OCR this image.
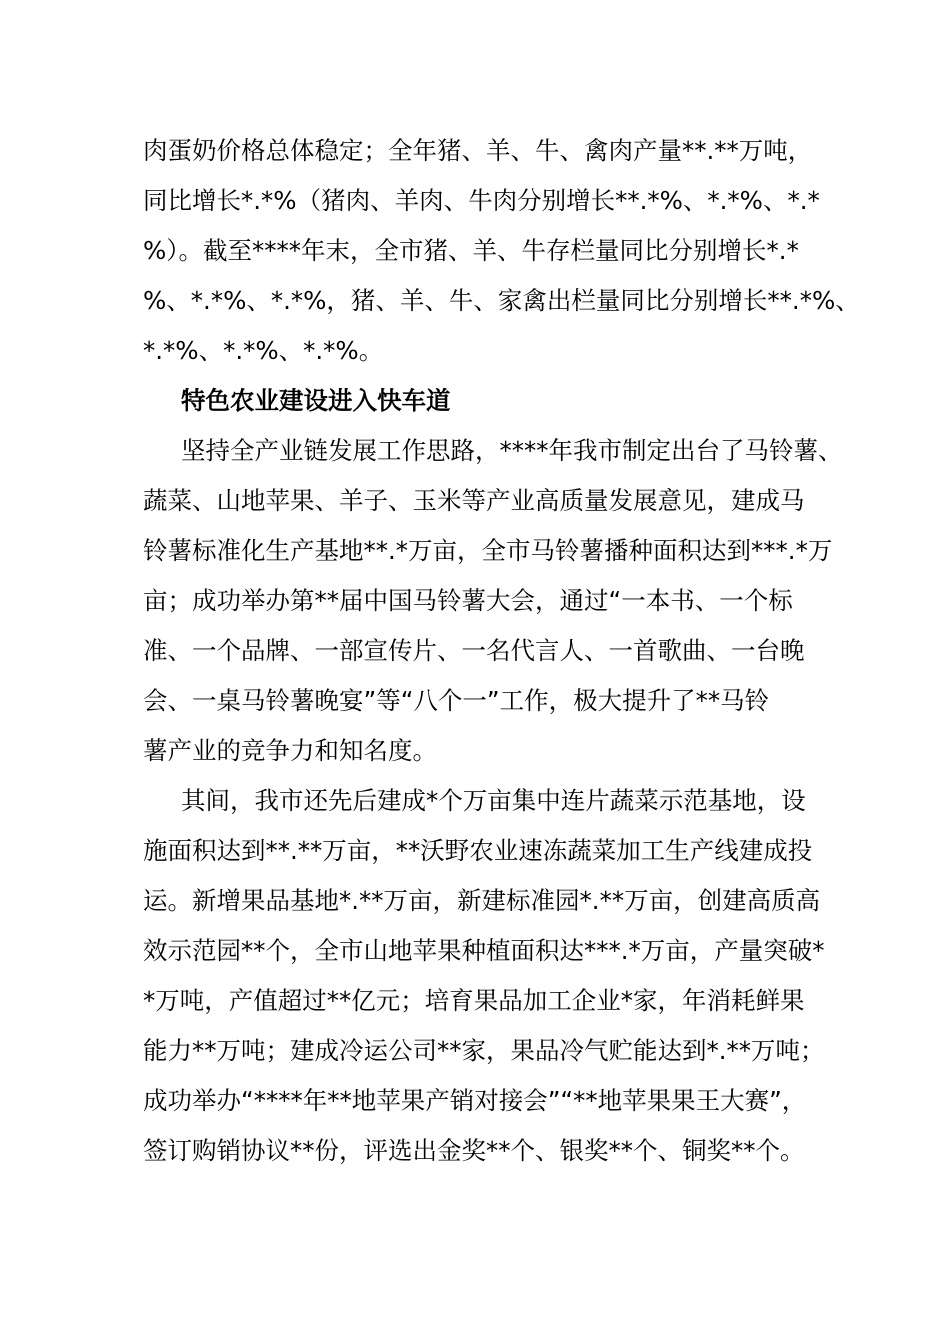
肉蛋奶价格总体稳定；全年猪、羊、牛、禽肉产量**.**万吨，
同比增长*.*%（猪肉、羊肉、牛肉分别增长**.*%、*.*%、*.*
%）。截至****年末，全市猪、羊、牛存栏量同比分别增长*.*
%、*.*%、*.*%，猪、羊、牛、家禽出栏量同比分别增长**.*%、
*.*%、*.*%、*.*%。
特色农业建设进入快车道
坚持全产业链发展工作思路，****年我市制定出台了马铃薯、
蔬菜、山地苹果、羊子、玉米等产业高质量发展意见，建成马
铃薯标准化生产基地**.*万亩，全市马铃薯播种面积达到***.*万
亩；成功举办第**届中国马铃薯大会，通过“一本书、一个标
准、一个品牌、一部宣传片、一名代言人、一首歌曲、一台晚
会、一桌马铃薯晚宴”等“八个一”工作，极大提升了**马铃
薯产业的竞争力和知名度。
其间，我市还先后建成*个万亩集中连片蔬菜示范基地，设
施面积达到**.**万亩，**沃野农业速冻蔬菜加工生产线建成投
运。新增果品基地*.**万亩，新建标准园*.**万亩，创建高质高
效示范园**个，全市山地苹果种植面积达***.*万亩，产量突破*
*万吨，产值超过**亿元；培育果品加工企业*家，年消耗鲜果
能力**万吨；建成冷运公司**家，果品冷气贮能达到*.**万吨；
成功举办“****年**地苹果产销对接会”“**地苹果果王大赛”，
签订购销协议**份，评选出金奖**个、银奖**个、铜奖**个。
